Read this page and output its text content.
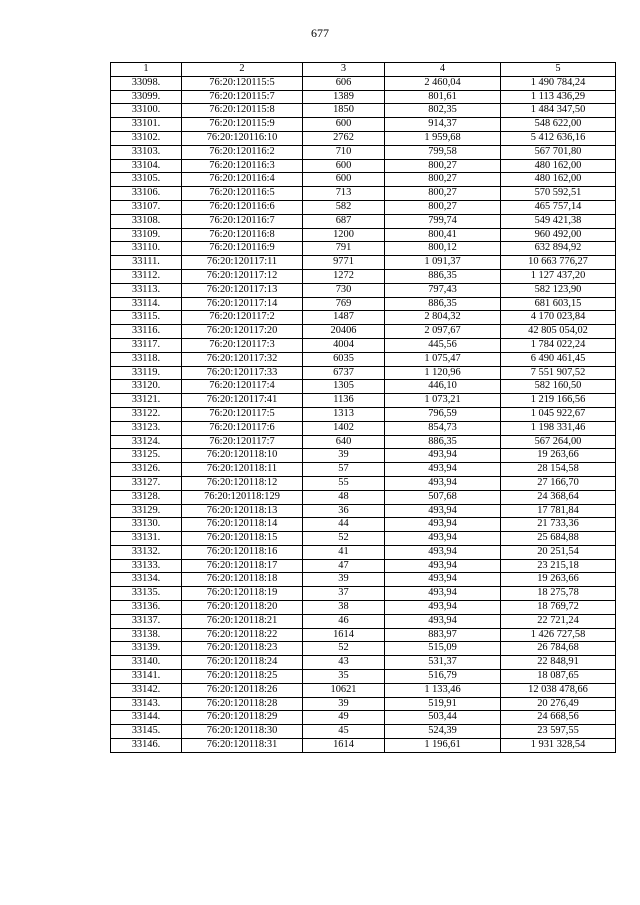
677
1	2	3	4	5
33098.	76:20:120115:5	606	2 460,04	1 490 784,24
33099.	76:20:120115:7	1389	801,61	1 113 436,29
33100.	76:20:120115:8	1850	802,35	1 484 347,50
33101.	76:20:120115:9	600	914,37	548 622,00
33102.	76:20:120116:10	2762	1 959,68	5 412 636,16
33103.	76:20:120116:2	710	799,58	567 701,80
33104.	76:20:120116:3	600	800,27	480 162,00
33105.	76:20:120116:4	600	800,27	480 162,00
33106.	76:20:120116:5	713	800,27	570 592,51
33107.	76:20:120116:6	582	800,27	465 757,14
33108.	76:20:120116:7	687	799,74	549 421,38
33109.	76:20:120116:8	1200	800,41	960 492,00
33110.	76:20:120116:9	791	800,12	632 894,92
33111.	76:20:120117:11	9771	1 091,37	10 663 776,27
33112.	76:20:120117:12	1272	886,35	1 127 437,20
33113.	76:20:120117:13	730	797,43	582 123,90
33114.	76:20:120117:14	769	886,35	681 603,15
33115.	76:20:120117:2	1487	2 804,32	4 170 023,84
33116.	76:20:120117:20	20406	2 097,67	42 805 054,02
33117.	76:20:120117:3	4004	445,56	1 784 022,24
33118.	76:20:120117:32	6035	1 075,47	6 490 461,45
33119.	76:20:120117:33	6737	1 120,96	7 551 907,52
33120.	76:20:120117:4	1305	446,10	582 160,50
33121.	76:20:120117:41	1136	1 073,21	1 219 166,56
33122.	76:20:120117:5	1313	796,59	1 045 922,67
33123.	76:20:120117:6	1402	854,73	1 198 331,46
33124.	76:20:120117:7	640	886,35	567 264,00
33125.	76:20:120118:10	39	493,94	19 263,66
33126.	76:20:120118:11	57	493,94	28 154,58
33127.	76:20:120118:12	55	493,94	27 166,70
33128.	76:20:120118:129	48	507,68	24 368,64
33129.	76:20:120118:13	36	493,94	17 781,84
33130.	76:20:120118:14	44	493,94	21 733,36
33131.	76:20:120118:15	52	493,94	25 684,88
33132.	76:20:120118:16	41	493,94	20 251,54
33133.	76:20:120118:17	47	493,94	23 215,18
33134.	76:20:120118:18	39	493,94	19 263,66
33135.	76:20:120118:19	37	493,94	18 275,78
33136.	76:20:120118:20	38	493,94	18 769,72
33137.	76:20:120118:21	46	493,94	22 721,24
33138.	76:20:120118:22	1614	883,97	1 426 727,58
33139.	76:20:120118:23	52	515,09	26 784,68
33140.	76:20:120118:24	43	531,37	22 848,91
33141.	76:20:120118:25	35	516,79	18 087,65
33142.	76:20:120118:26	10621	1 133,46	12 038 478,66
33143.	76:20:120118:28	39	519,91	20 276,49
33144.	76:20:120118:29	49	503,44	24 668,56
33145.	76:20:120118:30	45	524,39	23 597,55
33146.	76:20:120118:31	1614	1 196,61	1 931 328,54
